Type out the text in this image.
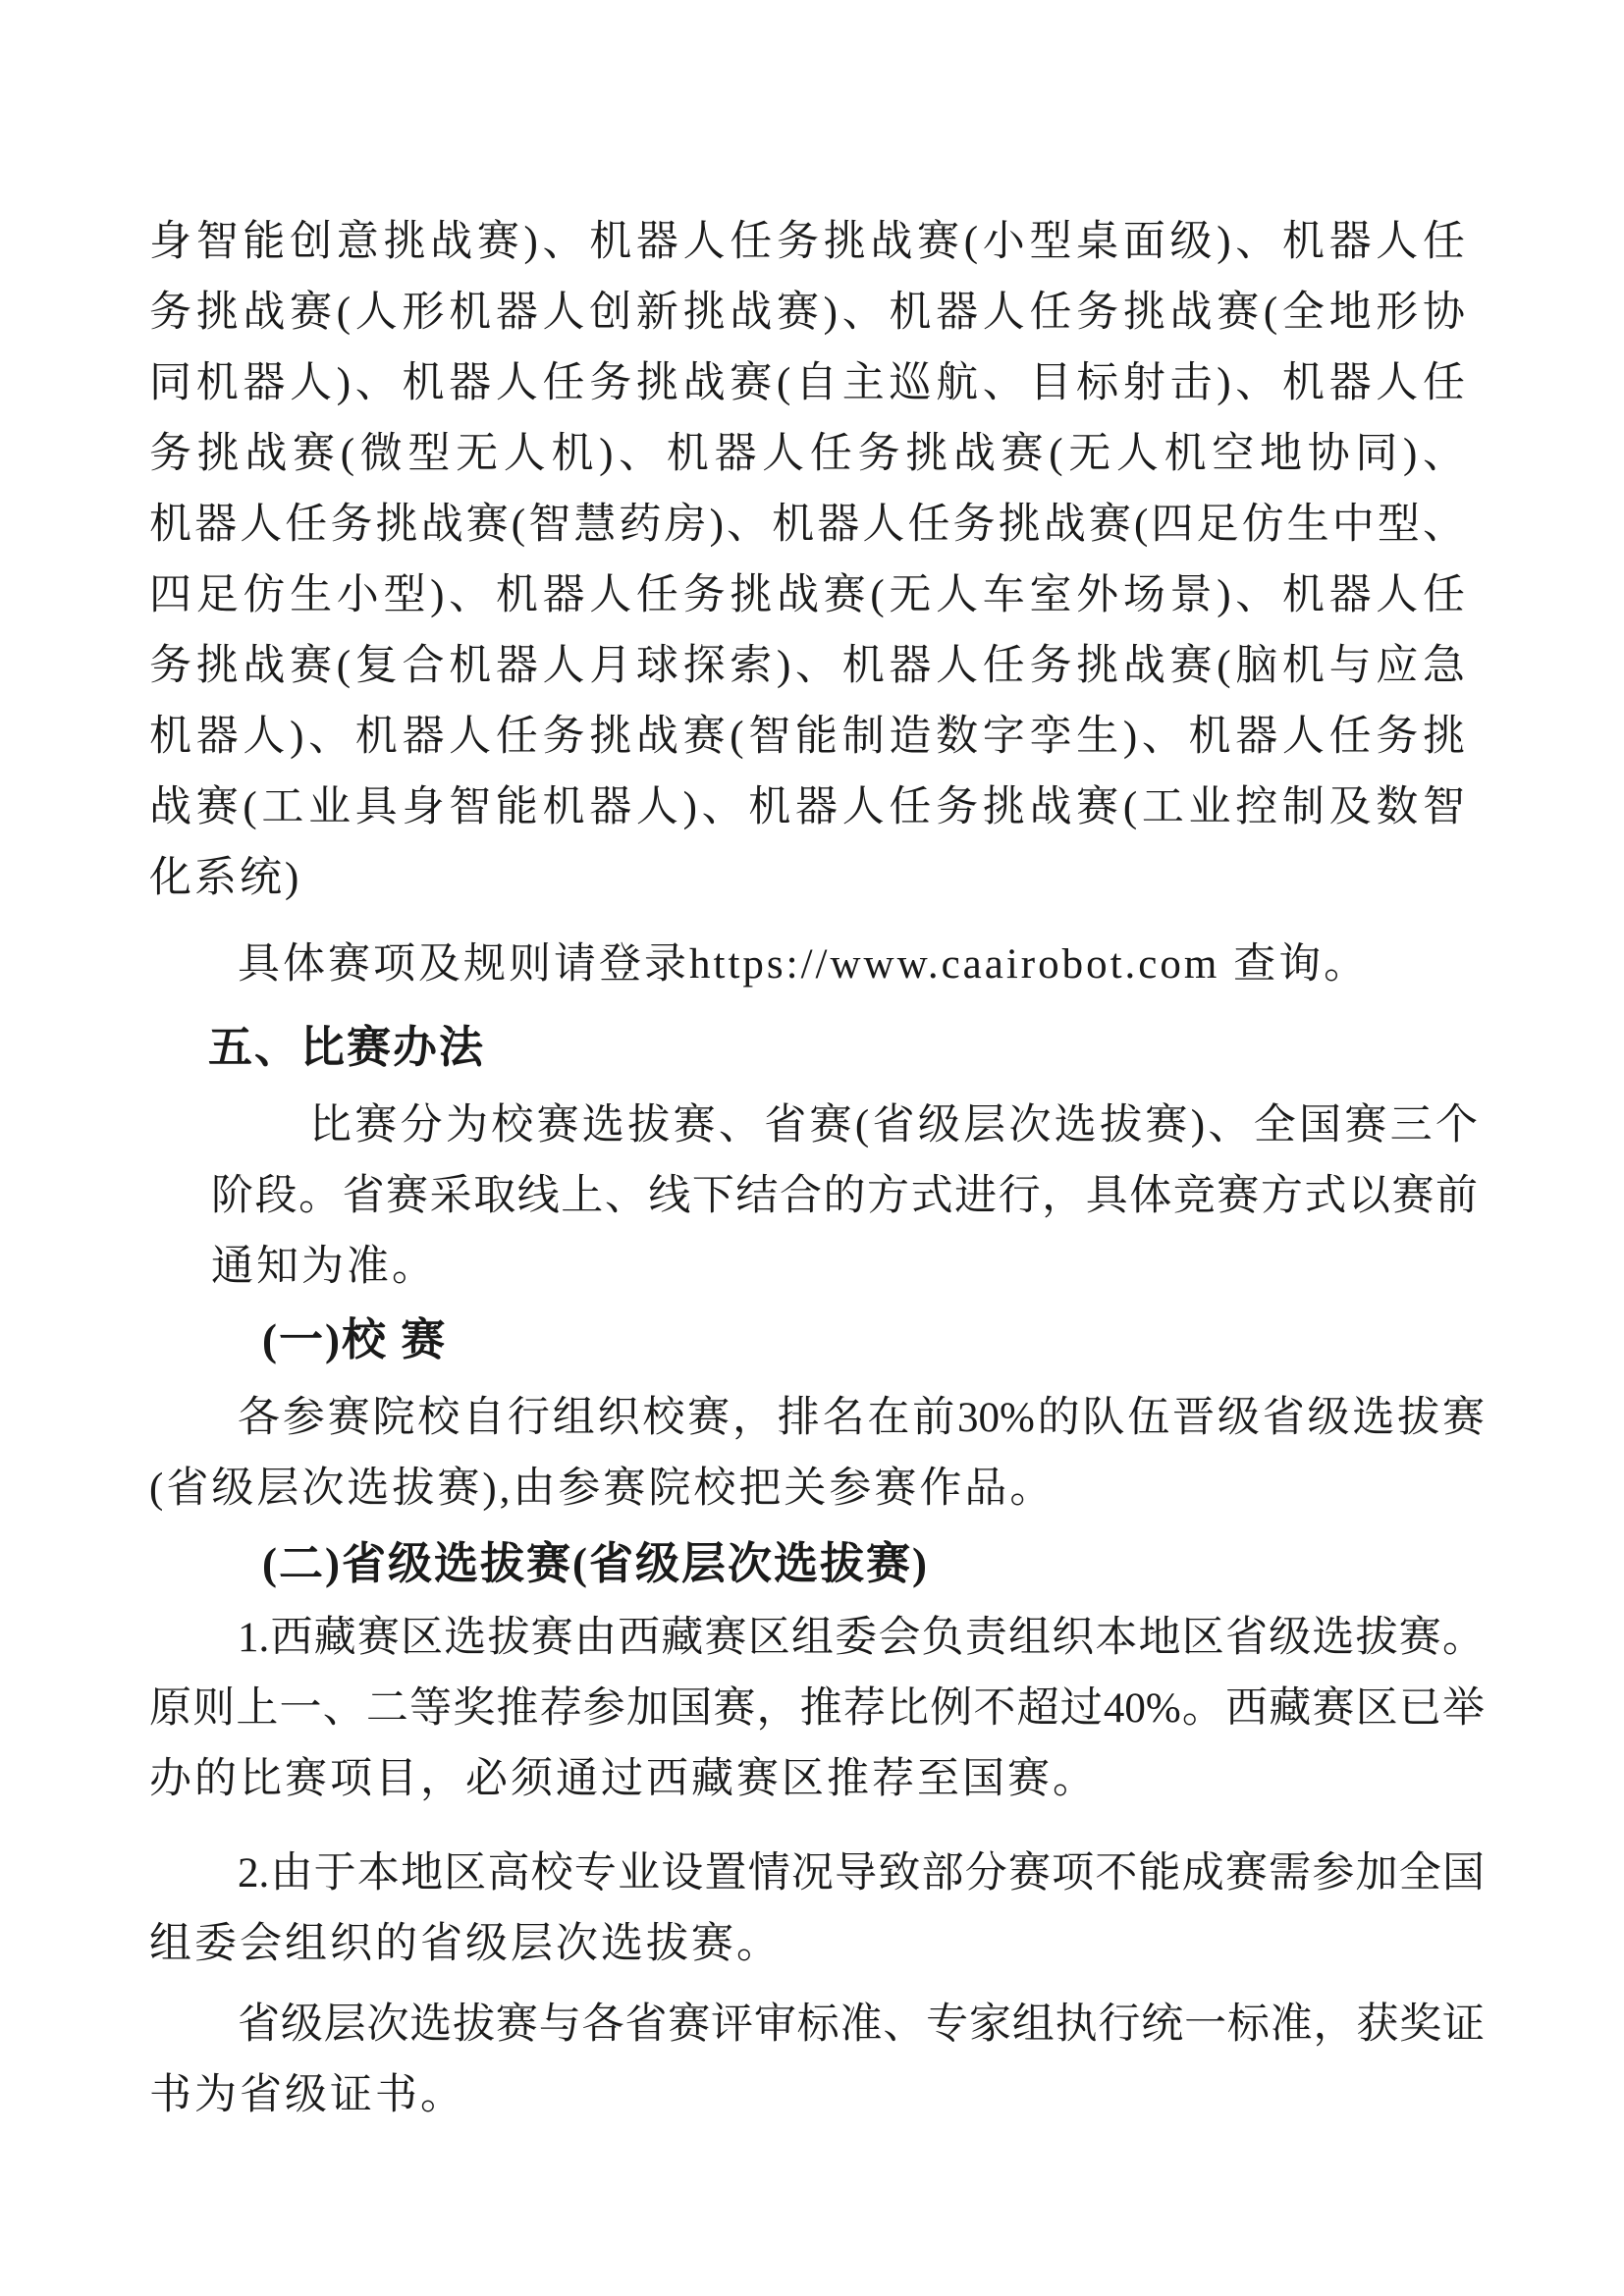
身智能创意挑战赛)、机器人任务挑战赛(小型桌面级)、机器人任
务挑战赛(人形机器人创新挑战赛)、机器人任务挑战赛(全地形协
同机器人)、机器人任务挑战赛(自主巡航、目标射击)、机器人任
务挑战赛(微型无人机)、机器人任务挑战赛(无人机空地协同)、
机器人任务挑战赛(智慧药房)、机器人任务挑战赛(四足仿生中型、
四足仿生小型)、机器人任务挑战赛(无人车室外场景)、机器人任
务挑战赛(复合机器人月球探索)、机器人任务挑战赛(脑机与应急
机器人)、机器人任务挑战赛(智能制造数字孪生)、机器人任务挑
战赛(工业具身智能机器人)、机器人任务挑战赛(工业控制及数智
化系统)
具体赛项及规则请登录https://www.caairobot.com 查询。
五、比赛办法
比赛分为校赛选拔赛、省赛(省级层次选拔赛)、全国赛三个
阶段。省赛采取线上、线下结合的方式进行，具体竞赛方式以赛前
通知为准。
(一)校 赛
各参赛院校自行组织校赛，排名在前30%的队伍晋级省级选拔赛
(省级层次选拔赛),由参赛院校把关参赛作品。
(二)省级选拔赛(省级层次选拔赛)
1.西藏赛区选拔赛由西藏赛区组委会负责组织本地区省级选拔赛。
原则上一、二等奖推荐参加国赛，推荐比例不超过40%。西藏赛区已举
办的比赛项目，必须通过西藏赛区推荐至国赛。
2.由于本地区高校专业设置情况导致部分赛项不能成赛需参加全国
组委会组织的省级层次选拔赛。
省级层次选拔赛与各省赛评审标准、专家组执行统一标准，获奖证
书为省级证书。
